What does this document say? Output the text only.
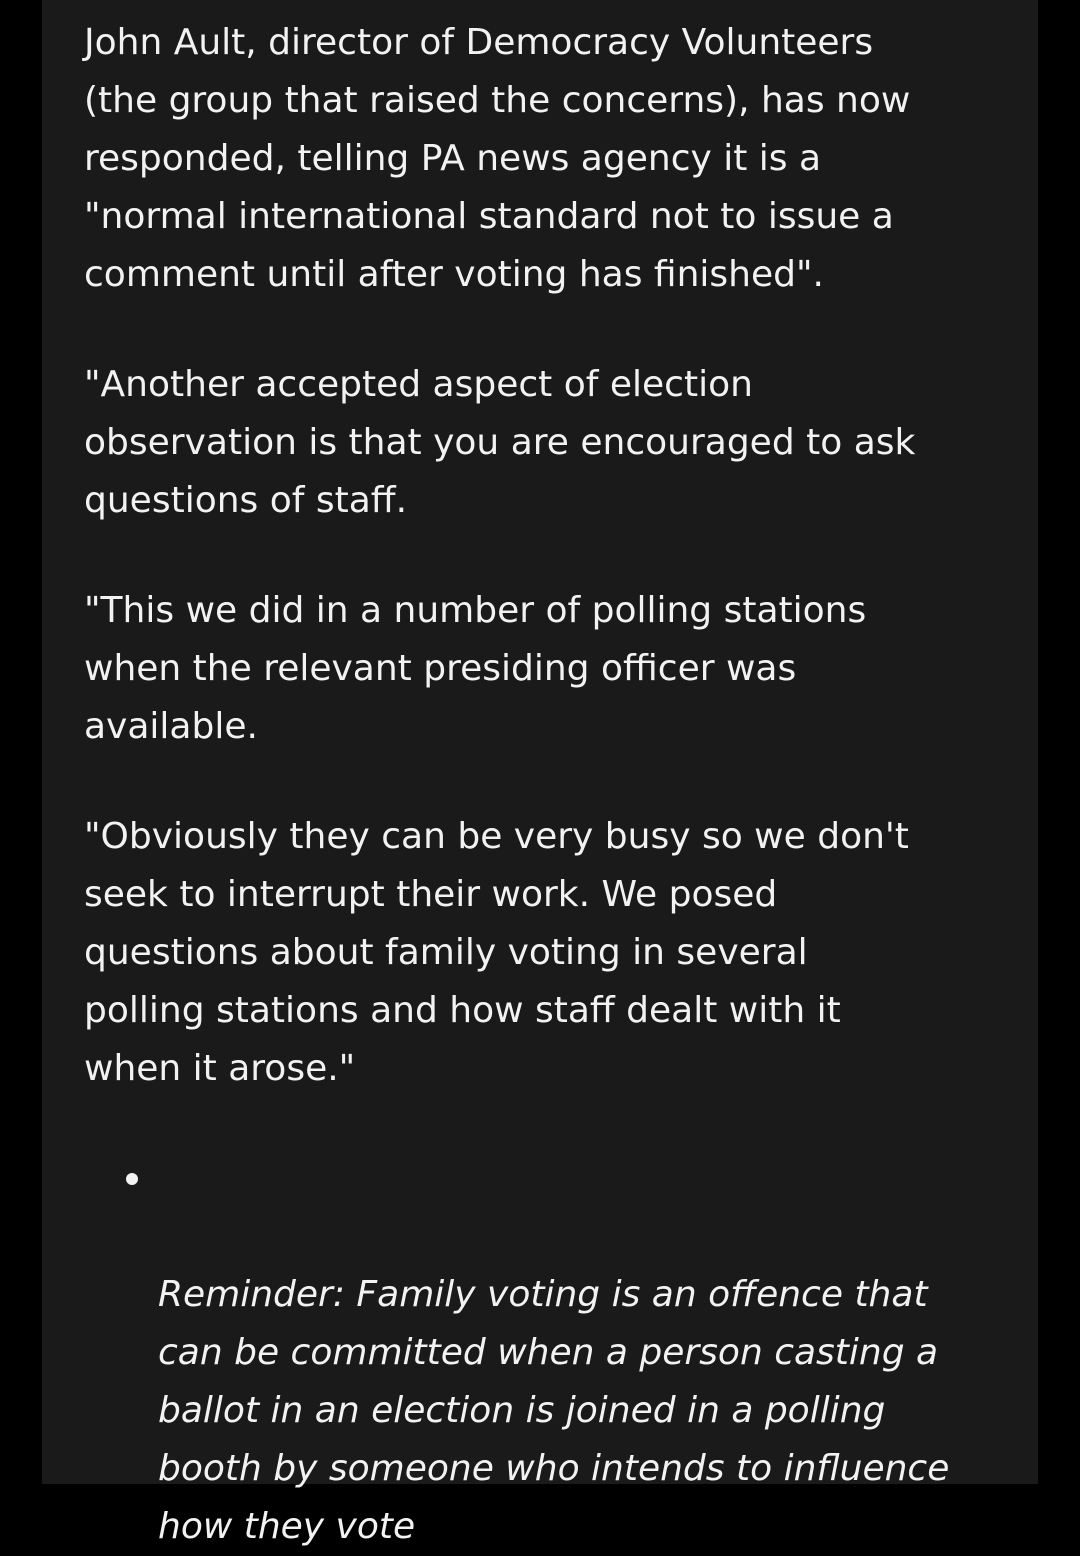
John Ault, director of Democracy Volunteers
(the group that raised the concerns), has now
responded, telling PA news agency it is a
"normal international standard not to issue a
comment until after voting has finished".

"Another accepted aspect of election
observation is that you are encouraged to ask
questions of staff.

"This we did in a number of polling stations
when the relevant presiding officer was
available.

"Obviously they can be very busy so we don't
seek to interrupt their work. We posed
questions about family voting in several
polling stations and how staff dealt with it
when it arose."

Reminder: Family voting is an offence that
can be committed when a person casting a
ballot in an election is joined in a polling
booth by someone who intends to influence
how they vote
